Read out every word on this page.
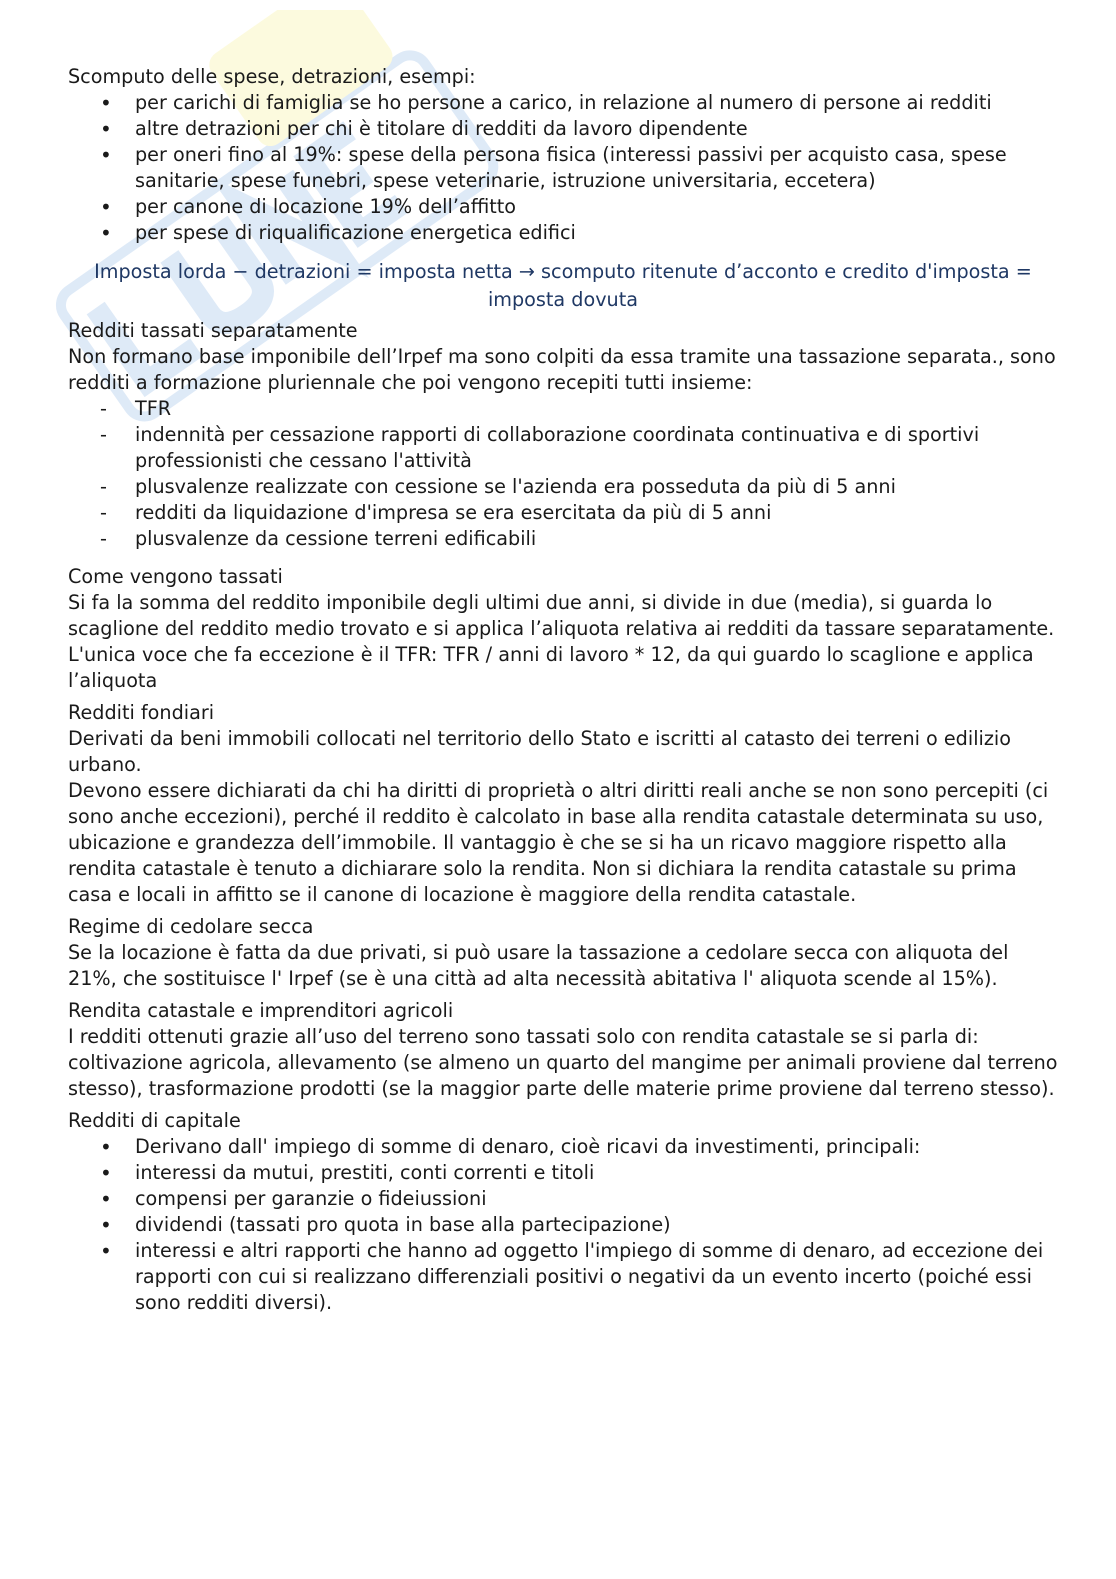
Scomputo delle spese, detrazioni, esempi:

• per carichi di famiglia se ho persone a carico, in relazione al numero di persone ai redditi
• altre detrazioni per chi è titolare di redditi da lavoro dipendente
• per oneri fino al 19%: spese della persona fisica (interessi passivi per acquisto casa, spese sanitarie, spese funebri, spese veterinarie, istruzione universitaria, eccetera)
• per canone di locazione 19% dell’affitto
• per spese di riqualificazione energetica edifici

Imposta lorda − detrazioni = imposta netta → scomputo ritenute d’acconto e credito d'imposta = imposta dovuta

Redditi tassati separatamente

Non formano base imponibile dell’Irpef ma sono colpiti da essa tramite una tassazione separata., sono redditi a formazione pluriennale che poi vengono recepiti tutti insieme:

- TFR
- indennità per cessazione rapporti di collaborazione coordinata continuativa e di sportivi professionisti che cessano l'attività
- plusvalenze realizzate con cessione se l'azienda era posseduta da più di 5 anni
- redditi da liquidazione d'impresa se era esercitata da più di 5 anni
- plusvalenze da cessione terreni edificabili

Come vengono tassati

Si fa la somma del reddito imponibile degli ultimi due anni, si divide in due (media), si guarda lo scaglione del reddito medio trovato e si applica l’aliquota relativa ai redditi da tassare separatamente.

L'unica voce che fa eccezione è il TFR: TFR / anni di lavoro * 12, da qui guardo lo scaglione e applica l’aliquota

Redditi fondiari

Derivati da beni immobili collocati nel territorio dello Stato e iscritti al catasto dei terreni o edilizio urbano.

Devono essere dichiarati da chi ha diritti di proprietà o altri diritti reali anche se non sono percepiti (ci sono anche eccezioni), perché il reddito è calcolato in base alla rendita catastale determinata su uso, ubicazione e grandezza dell’immobile. Il vantaggio è che se si ha un ricavo maggiore rispetto alla rendita catastale è tenuto a dichiarare solo la rendita. Non si dichiara la rendita catastale su prima casa e locali in affitto se il canone di locazione è maggiore della rendita catastale.

Regime di cedolare secca

Se la locazione è fatta da due privati, si può usare la tassazione a cedolare secca con aliquota del 21%, che sostituisce l' Irpef (se è una città ad alta necessità abitativa l' aliquota scende al 15%).

Rendita catastale e imprenditori agricoli

I redditi ottenuti grazie all’uso del terreno sono tassati solo con rendita catastale se si parla di: coltivazione agricola, allevamento (se almeno un quarto del mangime per animali proviene dal terreno stesso), trasformazione prodotti (se la maggior parte delle materie prime proviene dal terreno stesso).

Redditi di capitale

• Derivano dall' impiego di somme di denaro, cioè ricavi da investimenti, principali:
• interessi da mutui, prestiti, conti correnti e titoli
• compensi per garanzie o fideiussioni
• dividendi (tassati pro quota in base alla partecipazione)
• interessi e altri rapporti che hanno ad oggetto l'impiego di somme di denaro, ad eccezione dei rapporti con cui si realizzano differenziali positivi o negativi da un evento incerto (poiché essi sono redditi diversi).
